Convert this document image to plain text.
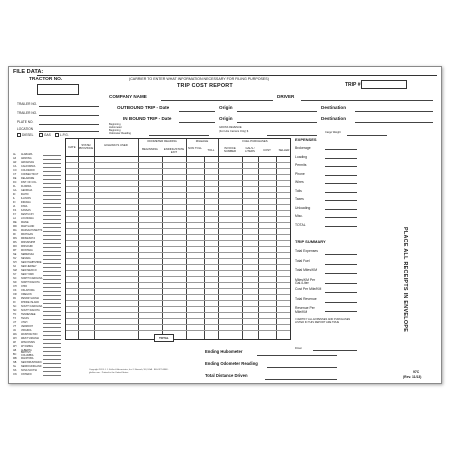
FILE DATA:
TRACTOR NO.	(CARRIER TO ENTER WHAT INFORMATION NECESSARY FOR FILING PURPOSES)
TRIP COST REPORT	TRIP #
COMPANY NAME	DRIVER
OUTBOUND TRIP - Date	Origin	Destination
IN BOUND TRIP - Date	Origin	Destination
TRAILER NO.
TRAILER NO.
PLATE NO.
LOCATION
DIESEL	GAS	L.P.G.
Beginning
Hubometer
Beginning
Odometer Reading
GROSS REVENUE
(For Hire Carriers Only) $	Cargo Weight
AL	ALABAMA
AZ	ARIZONA
AR	ARKANSAS
CA	CALIFORNIA
CO	COLORADO
CT	CONNECTICUT
DE	DELAWARE
DC	DIST. OF COL.
FL	FLORIDA
GA	GEORGIA
ID	IDAHO
IL	ILLINOIS
IN	INDIANA
IA	IOWA
KS	KANSAS
KY	KENTUCKY
LA	LOUISIANA
ME	MAINE
MD	MARYLAND
MA	MASSACHUSETTS
MI	MICHIGAN
MN	MINNESOTA
MS	MISSISSIPPI
MO	MISSOURI
MT	MONTANA
NE	NEBRASKA
NV	NEVADA
NH	NEW HAMPSHIRE
NJ	NEW JERSEY
NM	NEW MEXICO
NY	NEW YORK
NC	NORTH CAROLINA
ND	NORTH DAKOTA
OH	OHIO
OK	OKLAHOMA
OR	OREGON
PA	PENNSYLVANIA
RI	RHODE ISLAND
SC	SOUTH CAROLINA
SD	SOUTH DAKOTA
TN	TENNESSEE
TX	TEXAS
UT	UTAH
VT	VERMONT
VA	VIRGINIA
WA	WASHINGTON
WV	WEST VIRGINIA
WI	WISCONSIN
WY	WYOMING
AB	ALBERTA
BC	BRITISH COLUMBIA
MB	MANITOBA
NB	NEW BRUNSWICK
NL	NEWFOUNDLAND
NS	NOVA SCOTIA
ON	ONTARIO
DATE	STATE/ PROVINCE
HIGHWAYS USED
ODOMETER READING
BEGINNING	ENDING/STATE EXIT
MILEAGE
NON TOLL	TOLL
FUEL PURCHASES
INVOICE NUMBER
GALS./ LITERS	COST	SELLER
TOTAL
EXPENSES
Brokerage
Loading
Permits
Phone
Wires
Tolls
Taxes
Unloading
Misc.
TOTAL
TRIP SUMMARY
Total Expenses
Total Fuel
Total Miles/KM
Miles/KM Per Gal./Liter
Cost Per Mile/KM
Total Revenue
Revenue Per Mile/KM
I CERTIFY ALL EXPENSES AND PURCHASES LISTED IN THIS REPORT ARE TRUE
Driver
PLACE ALL RECEIPTS IN ENVELOPE
Ending Hubometer
Ending Odometer Reading
Total Distance Driven
Copyright 2013 J. J. Keller & Associates, Inc.® Neenah, WI, USA · 800-327-6868 · jjkeller.com · Printed in the United States	97C
(Rev. 11/13)
